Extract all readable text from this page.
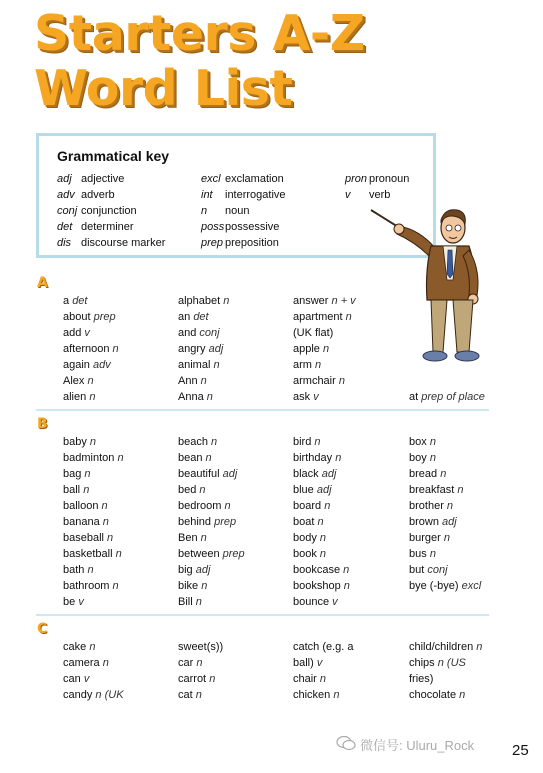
Starters A-Z
Word List
Grammatical key
adj adjective
adv adverb
conj conjunction
det determiner
dis discourse marker
excl exclamation
int interrogative
n noun
posspossessive
prep preposition
pron pronoun
v verb
A
a det
about prep
add v
afternoon n
again adv
Alex n
alien n
alphabet n
an det
and conj
angry adj
animal n
Ann n
Anna n
answer n + v
apartment n
(UK flat)
apple n
arm n
armchair n
ask v	at prep of place
B
baby n
badminton n
bag n
ball n
balloon n
banana n
baseball n
basketball n
bath n
bathroom n
be v
beach n
bean n
beautiful adj
bed n
bedroom n
behind prep
Ben n
between prep
big adj
bike n
Bill n
bird n
birthday n
black adj
blue adj
board n
boat n
body n
book n
bookcase n
bookshop n
bounce v
box n
boy n
bread n
breakfast n
brother n
brown adj
burger n
bus n
but conj
bye (-bye) excl
C
cake n
camera n
can v
candy n (UK
sweet(s))
car n
carrot n
cat n
catch (e.g. a
ball) v
chair n
chicken n
child/children n
chips n (US
fries)
chocolate n
微信号: Uluru_Rock	25
